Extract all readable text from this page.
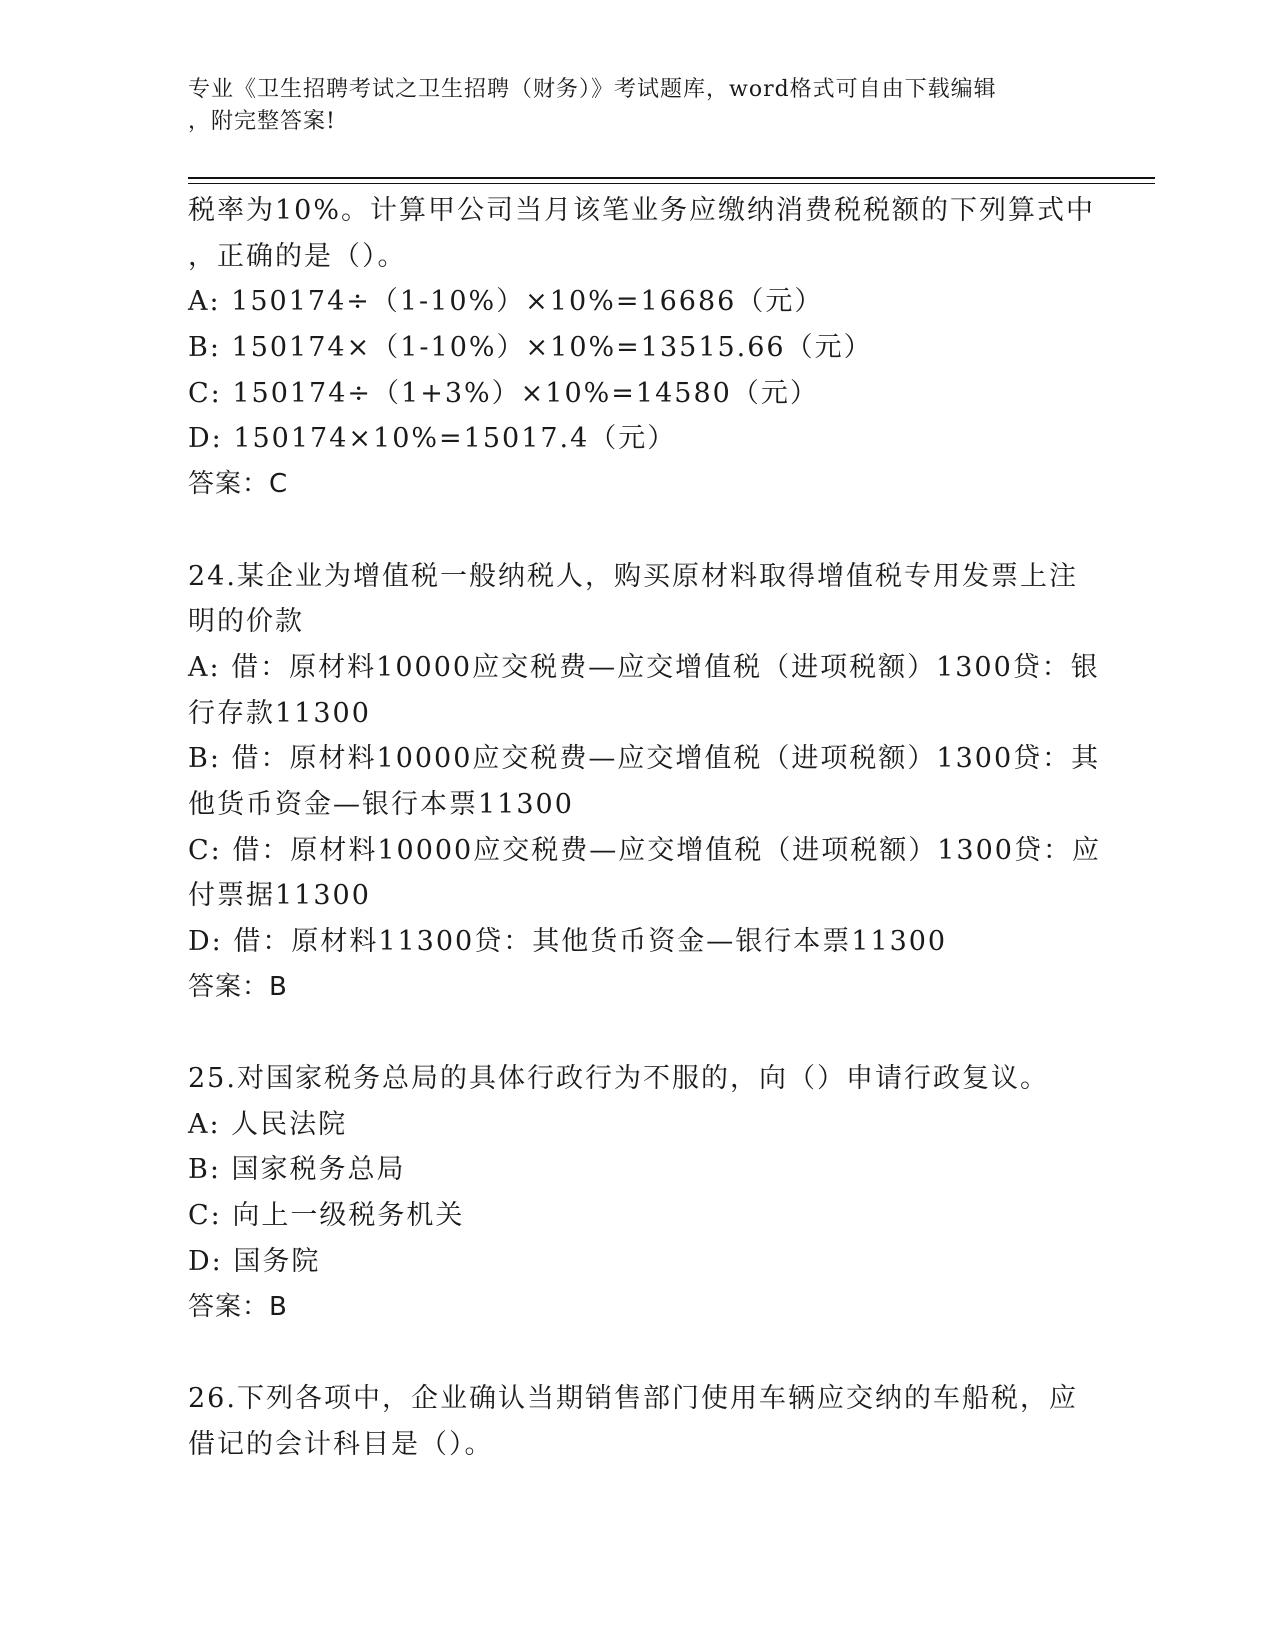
专业《卫生招聘考试之卫生招聘（财务）》考试题库，word格式可自由下载编辑
，附完整答案!
税率为10%。计算甲公司当月该笔业务应缴纳消费税税额的下列算式中
，正确的是（）。
A: 150174÷（1-10%）×10%=16686（元）
B: 150174×（1-10%）×10%=13515.66（元）
C: 150174÷（1+3%）×10%=14580（元）
D: 150174×10%=15017.4（元）
答案：C
24.某企业为增值税一般纳税人，购买原材料取得增值税专用发票上注
明的价款
A: 借：原材料10000应交税费—应交增值税（进项税额）1300贷：银
行存款11300
B: 借：原材料10000应交税费—应交增值税（进项税额）1300贷：其
他货币资金—银行本票11300
C: 借：原材料10000应交税费—应交增值税（进项税额）1300贷：应
付票据11300
D: 借：原材料11300贷：其他货币资金—银行本票11300
答案：B
25.对国家税务总局的具体行政行为不服的，向（）申请行政复议。
A: 人民法院
B: 国家税务总局
C: 向上一级税务机关
D: 国务院
答案：B
26.下列各项中，企业确认当期销售部门使用车辆应交纳的车船税，应
借记的会计科目是（）。
